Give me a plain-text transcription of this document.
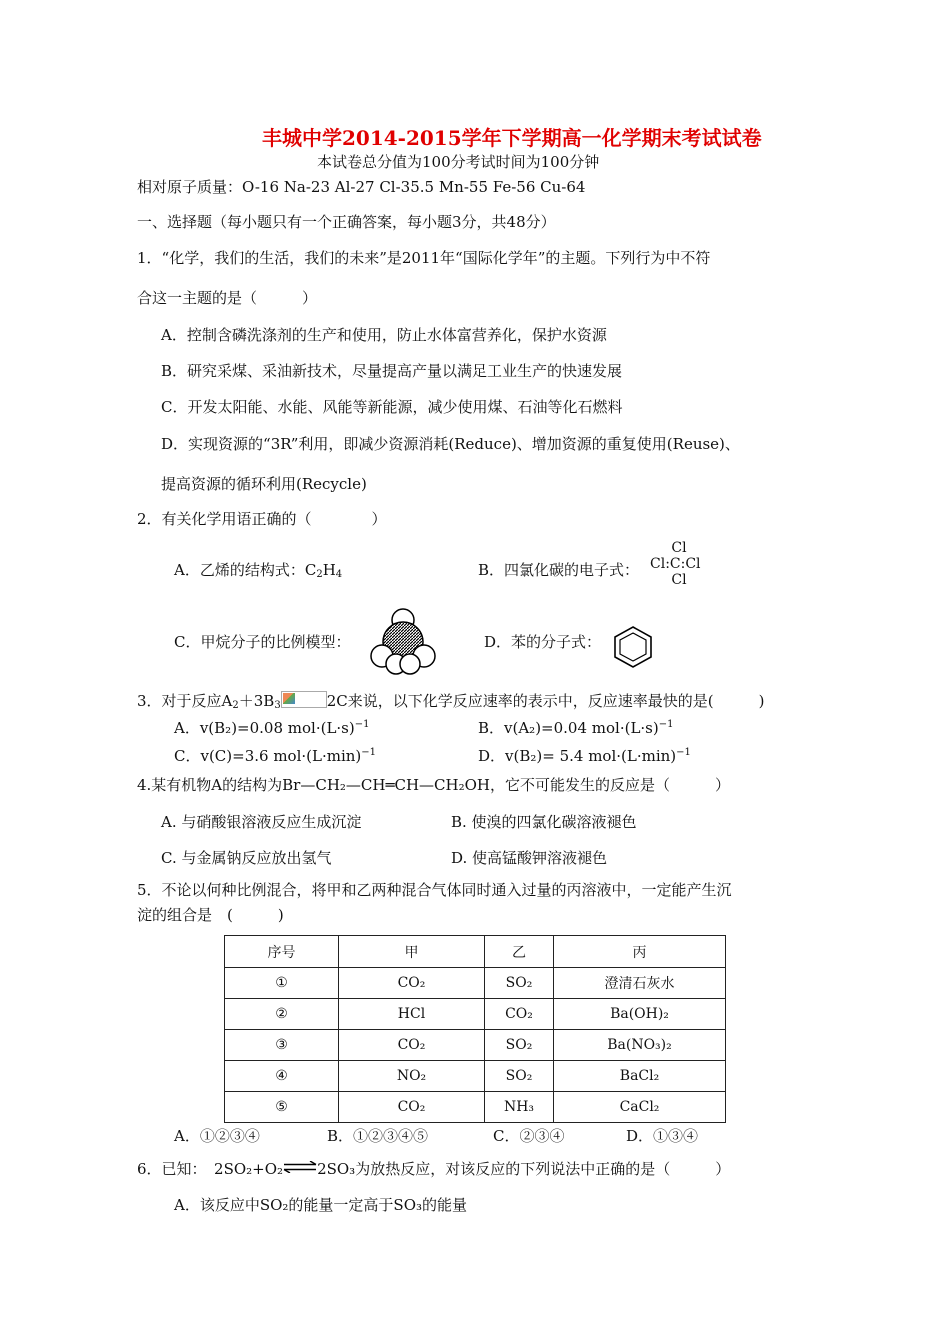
丰城中学2014-2015学年下学期高一化学期末考试试卷
本试卷总分值为100分考试时间为100分钟
相对原子质量：O-16 Na-23 Al-27 Cl-35.5 Mn-55 Fe-56 Cu-64
一、选择题（每小题只有一个正确答案，每小题3分，共48分）
1．“化学，我们的生活，我们的未来”是2011年“国际化学年”的主题。下列行为中不符
合这一主题的是（　　　）
A．控制含磷洗涤剂的生产和使用，防止水体富营养化，保护水资源
B．研究采煤、采油新技术，尽量提高产量以满足工业生产的快速发展
C．开发太阳能、水能、风能等新能源，减少使用煤、石油等化石燃料
D．实现资源的“3R”利用，即减少资源消耗(Reduce)、增加资源的重复使用(Reuse)、
提高资源的循环利用(Recycle)
2．有关化学用语正确的（　　　　）
A．乙烯的结构式：$C_2H_4$	B．四氯化碳的电子式：
Cl
Cl:C:Cl
Cl
C．甲烷分子的比例模型：	D．苯的分子式：
3．对于反应$A_2+3B_3$	2C来说，以下化学反应速率的表示中，反应速率最快的是(　　　)
A．v(B₂)=0.08 $mol\cdot(L\cdot s)^{-1}$	B．v(A₂)=0.04 $mol\cdot(L\cdot s)^{-1}$
C．v(C)=3.6 $mol\cdot(L\cdot\min)^{-1}$	D．v(B₂)= 5.4 $mol\cdot(L\cdot\min)^{-1}$
4.某有机物A的结构为Br—CH₂—CH═CH—CH₂OH，它不可能发生的反应是（　　　）
A. 与硝酸银溶液反应生成沉淀	B. 使溴的四氯化碳溶液褪色
C. 与金属钠反应放出氢气	D. 使高锰酸钾溶液褪色
5．不论以何种比例混合，将甲和乙两种混合气体同时通入过量的丙溶液中，一定能产生沉
淀的组合是　(　　　)
序号	甲	乙	丙
①	CO₂	SO₂	澄清石灰水
②	HCl	CO₂	Ba(OH)₂
③	CO₂	SO₂	Ba(NO₃)₂
④	NO₂	SO₂	BaCl₂
⑤	CO₂	NH₃	CaCl₂
A．①②③④	B．①②③④⑤	C．②③④	D．①③④
6．已知：　2SO₂+O₂⇌2SO₃为放热反应，对该反应的下列说法中正确的是（　　　）
A．该反应中SO₂的能量一定高于SO₃的能量
